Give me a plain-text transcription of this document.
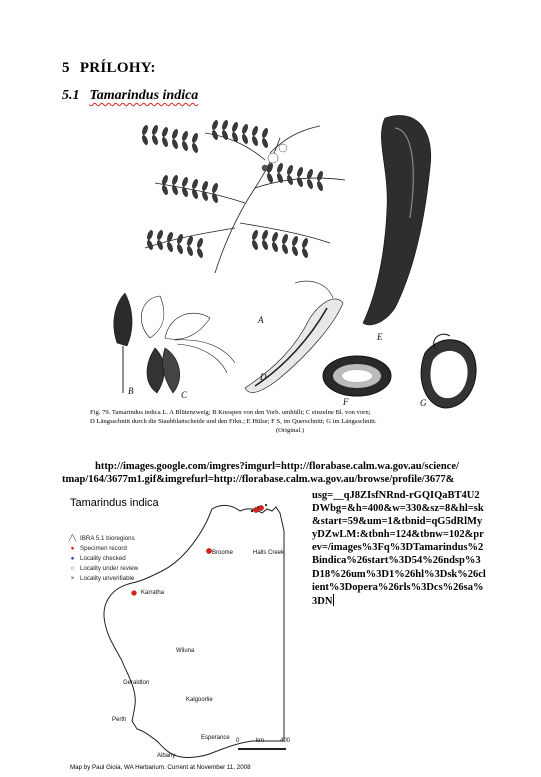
5 PRÍLOHY:
5.1 Tamarindus indica
A
B	C
D
E
F	G
Fig. 79. Tamarindus indica L. A Blütenzweig; B Knospen von den Vorb. umhüllt; C einzelne Bl. von vorn;
D Längsschnitt durch die Staubblattscheide und den Frkn.; E Hülse; F S, im Querschnitt; G im Längsschnitt.
(Original.)
http://images.google.com/imgres?imgurl=http://florabase.calm.wa.gov.au/science/
tmap/164/3677m1.gif&imgrefurl=http://florabase.calm.wa.gov.au/browse/profile/3677&
Tamarindus indica
╱╲ IBRA 5.1 bioregions
● Specimen record
● Locality checked
○ Locality under review
× Locality unverifiable
Broome	Halls Creek
Karratha
Wiluna
Geraldton
Kalgoorlie
Perth
Esperance
Albany
0	km	400
Map by Paul Gioia, WA Herbarium. Current at November 11, 2008
usg=__qJ8ZIsfNRnd-rGQIQaBT4U2DWbg=&h=400&w=330&sz=8&hl=sk&start=59&um=1&tbnid=qG5dRlMyyDZwLM:&tbnh=124&tbnw=102&prev=/images%3Fq%3DTamarindus%2Bindica%26start%3D54%26ndsp%3D18%26um%3D1%26hl%3Dsk%26client%3Dopera%26rls%3Dcs%26sa%3DN
